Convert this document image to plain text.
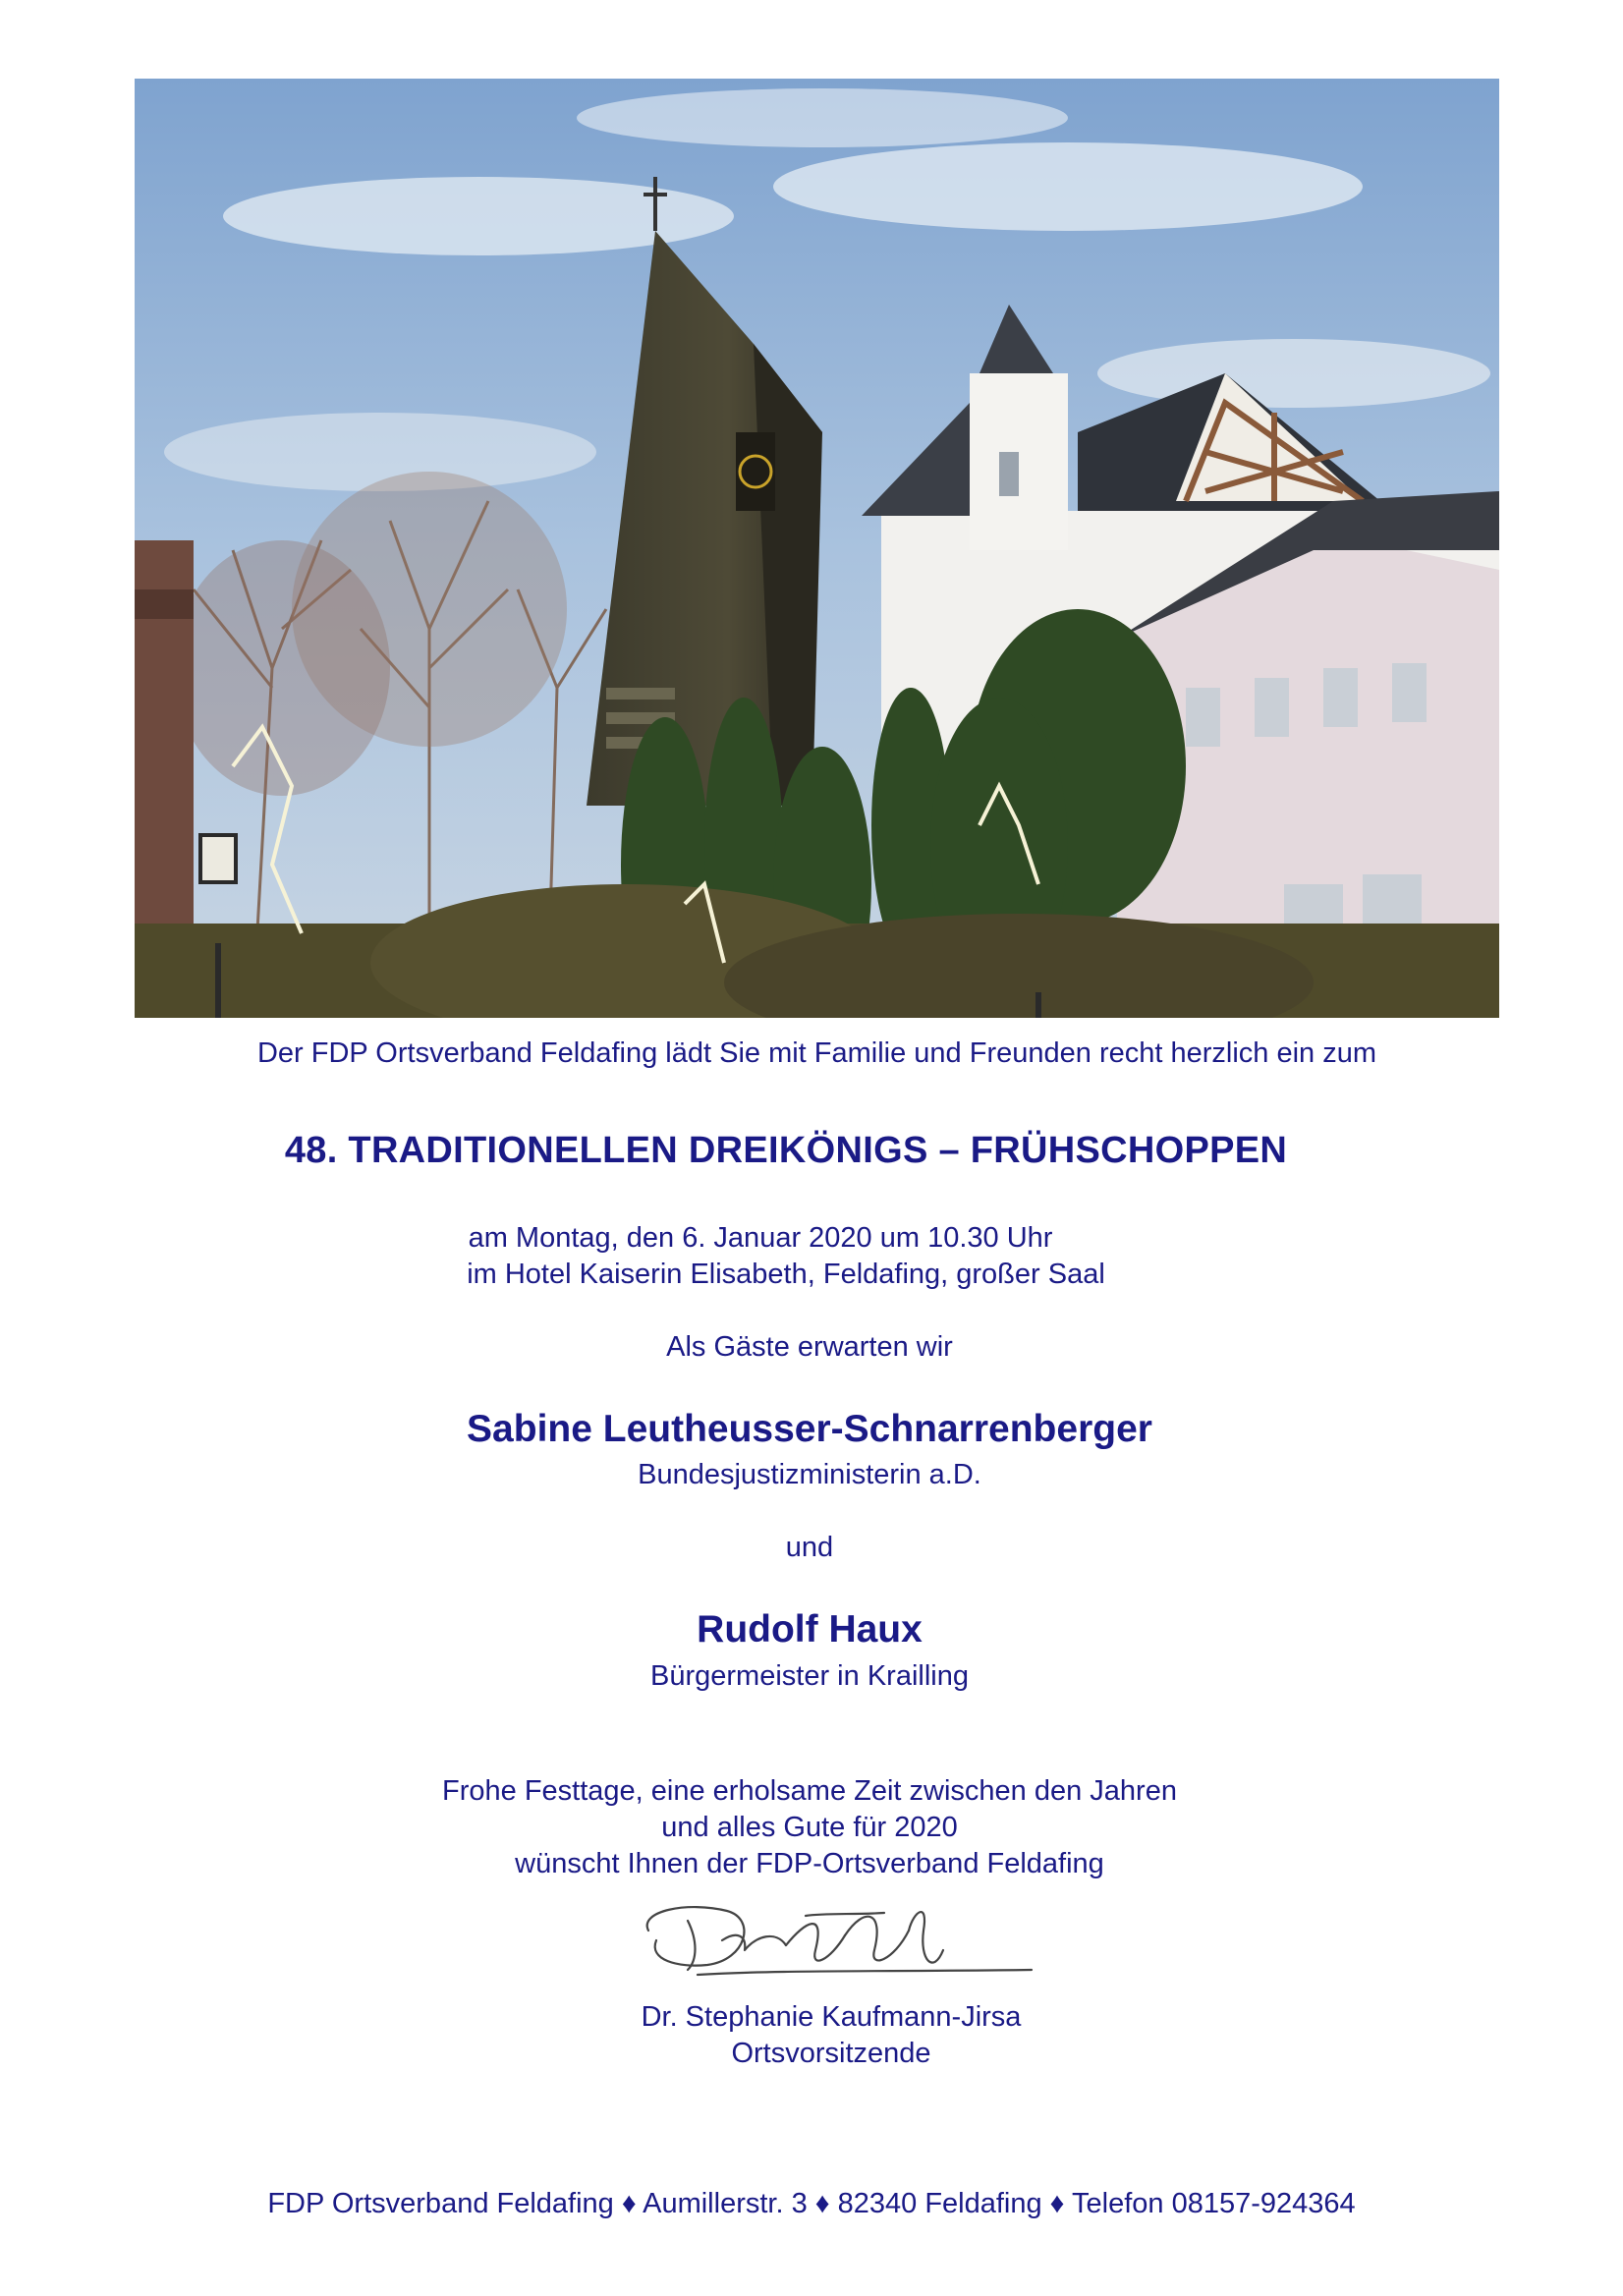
Der FDP Ortsverband Feldafing lädt Sie mit Familie und Freunden recht herzlich ein zum
48. TRADITIONELLEN DREIKÖNIGS – FRÜHSCHOPPEN
am Montag, den 6. Januar 2020 um 10.30 Uhr
im Hotel Kaiserin Elisabeth, Feldafing, großer Saal
Als Gäste erwarten wir
Sabine Leutheusser-Schnarrenberger
Bundesjustizministerin a.D.
und
Rudolf Haux
Bürgermeister in Krailling
Frohe Festtage, eine erholsame Zeit zwischen den Jahren
und alles Gute für 2020
wünscht Ihnen der FDP-Ortsverband Feldafing
Dr. Stephanie Kaufmann-Jirsa
Ortsvorsitzende
FDP Ortsverband Feldafing ♦ Aumillerstr. 3 ♦ 82340 Feldafing ♦ Telefon 08157-924364
